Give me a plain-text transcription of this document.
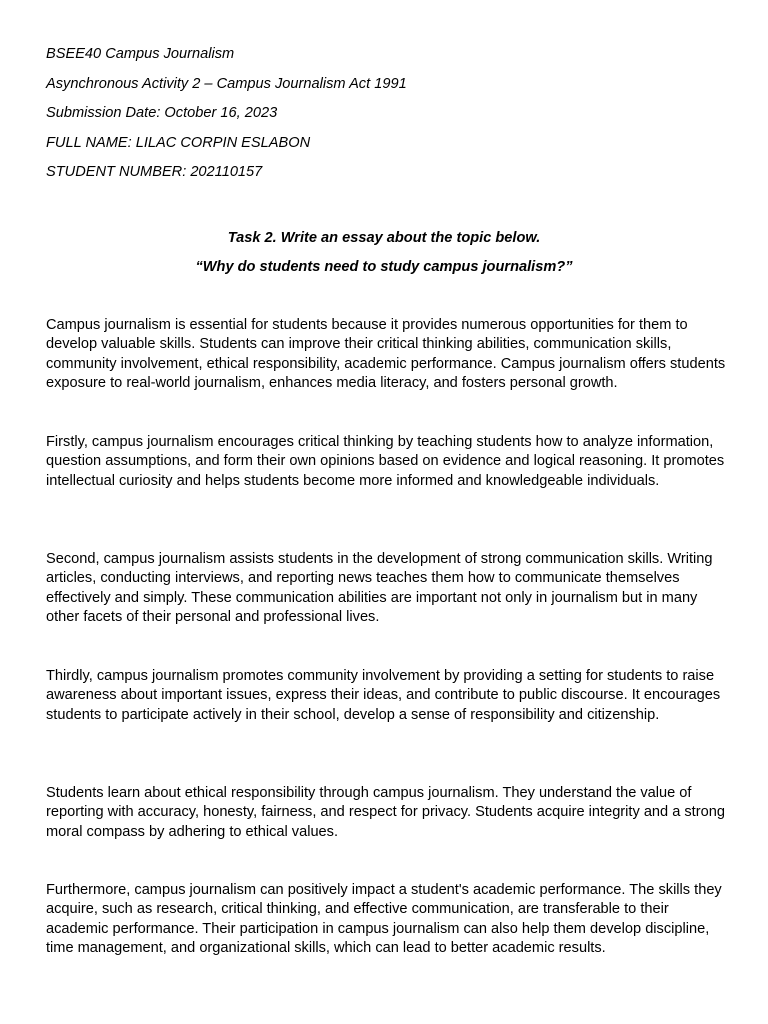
BSEE40 Campus Journalism
Asynchronous Activity 2 – Campus Journalism Act 1991
Submission Date: October 16, 2023
FULL NAME: LILAC CORPIN ESLABON
STUDENT NUMBER: 202110157
Task 2. Write an essay about the topic below.
“Why do students need to study campus journalism?”

Campus journalism is essential for students because it provides numerous opportunities for them to develop valuable skills. Students can improve their critical thinking abilities, communication skills, community involvement, ethical responsibility, academic performance. Campus journalism offers students exposure to real-world journalism, enhances media literacy, and fosters personal growth.

Firstly, campus journalism encourages critical thinking by teaching students how to analyze information, question assumptions, and form their own opinions based on evidence and logical reasoning. It promotes intellectual curiosity and helps students become more informed and knowledgeable individuals.

Second, campus journalism assists students in the development of strong communication skills. Writing articles, conducting interviews, and reporting news teaches them how to communicate themselves effectively and simply. These communication abilities are important not only in journalism but in many other facets of their personal and professional lives.

Thirdly, campus journalism promotes community involvement by providing a setting for students to raise awareness about important issues, express their ideas, and contribute to public discourse. It encourages students to participate actively in their school, develop a sense of responsibility and citizenship.

Students learn about ethical responsibility through campus journalism. They understand the value of reporting with accuracy, honesty, fairness, and respect for privacy. Students acquire integrity and a strong moral compass by adhering to ethical values.

Furthermore, campus journalism can positively impact a student's academic performance. The skills they acquire, such as research, critical thinking, and effective communication, are transferable to their academic performance. Their participation in campus journalism can also help them develop discipline, time management, and organizational skills, which can lead to better academic results.
